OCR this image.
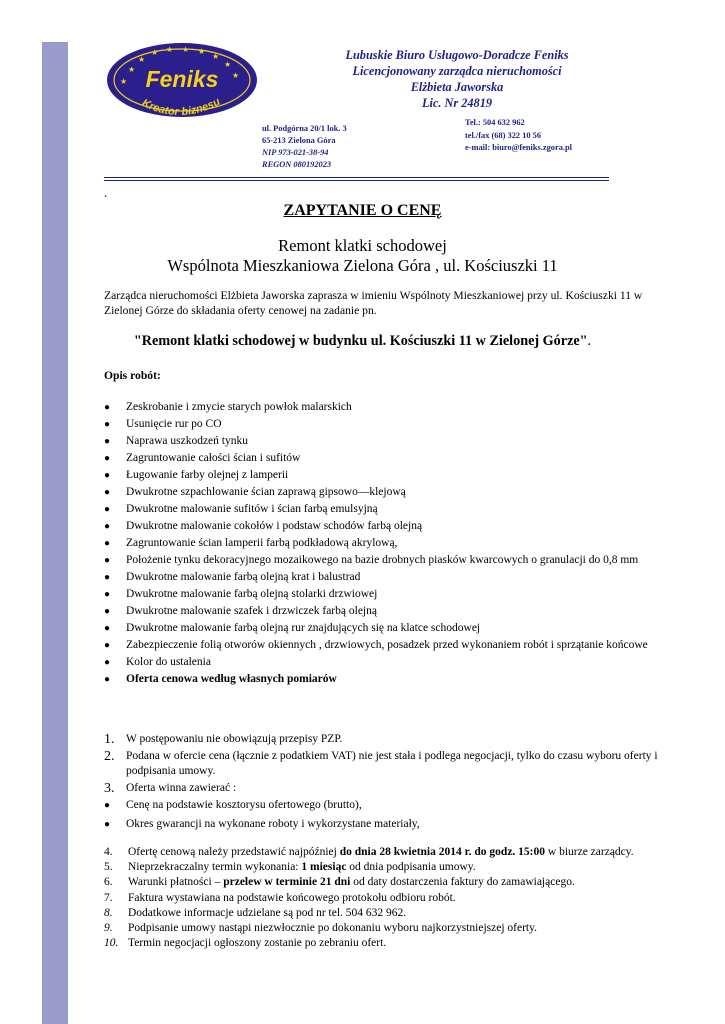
★
★
★ ★ ★ ★
★
★
★
★ Feniks
Kreator biznesu
Lubuskie Biuro Usługowo-Doradcze Feniks
Licencjonowany zarządca nieruchomości
Elżbieta Jaworska
Lic. Nr 24819
ul. Podgórna 20/1 lok. 3
65-213 Zielona Góra
NIP 973-021-38-94
REGON 080192023
Tel.: 504 632 962
tel./fax (68) 322 10 56
e-mail: biuro@feniks.zgora.pl
.
ZAPYTANIE O CENĘ
Remont klatki schodowej
Wspólnota Mieszkaniowa Zielona Góra , ul. Kościuszki 11
Zarządca nieruchomości Elżbieta Jaworska zaprasza w imieniu Wspólnoty Mieszkaniowej przy ul. Kościuszki 11 w Zielonej Górze do składania oferty cenowej na zadanie pn.
"Remont klatki schodowej w budynku ul. Kościuszki 11 w Zielonej Górze".
Opis robót:
●	Zeskrobanie i zmycie starych powłok malarskich
●	Usunięcie rur po CO
●	Naprawa uszkodzeń tynku
●	Zagruntowanie całości ścian i sufitów
●	Ługowanie farby olejnej z lamperii
●	Dwukrotne szpachlowanie ścian zaprawą gipsowo—klejową
●	Dwukrotne malowanie sufitów i ścian farbą emulsyjną
●	Dwukrotne malowanie cokołów i podstaw schodów farbą olejną
●	Zagruntowanie ścian lamperii farbą podkładową akrylową,
●	Położenie tynku dekoracyjnego mozaikowego na bazie drobnych piasków kwarcowych o granulacji do 0,8 mm
●	Dwukrotne malowanie farbą olejną krat i balustrad
●	Dwukrotne malowanie farbą olejną stolarki drzwiowej
●	Dwukrotne malowanie szafek i drzwiczek farbą olejną
●	Dwukrotne malowanie farbą olejną rur znajdujących się na klatce schodowej
●	Zabezpieczenie folią otworów okiennych , drzwiowych, posadzek przed wykonaniem robót i sprzątanie końcowe
●	Kolor do ustalenia
●	Oferta cenowa według własnych pomiarów
1.	W postępowaniu nie obowiązują przepisy PZP.
2.	Podana w ofercie cena (łącznie z podatkiem VAT) nie jest stała i podlega negocjacji, tylko do czasu wyboru oferty i podpisania umowy.
3.	Oferta winna zawierać :
●	Cenę na podstawie kosztorysu ofertowego (brutto),
●	Okres gwarancji na wykonane roboty i wykorzystane materiały,
4.	Ofertę cenową należy przedstawić najpóźniej do dnia 28 kwietnia 2014 r. do godz. 15:00 w biurze zarządcy.
5.	Nieprzekraczalny termin wykonania: 1 miesiąc od dnia podpisania umowy.
6.	Warunki płatności – przelew w terminie 21 dni od daty dostarczenia faktury do zamawiającego.
7.	Faktura wystawiana na podstawie końcowego protokołu odbioru robót.
8.	Dodatkowe informacje udzielane są pod nr tel. 504 632 962.
9.	Podpisanie umowy nastąpi niezwłocznie po dokonaniu wyboru najkorzystniejszej oferty.
10. Termin negocjacji ogłoszony zostanie po zebraniu ofert.
